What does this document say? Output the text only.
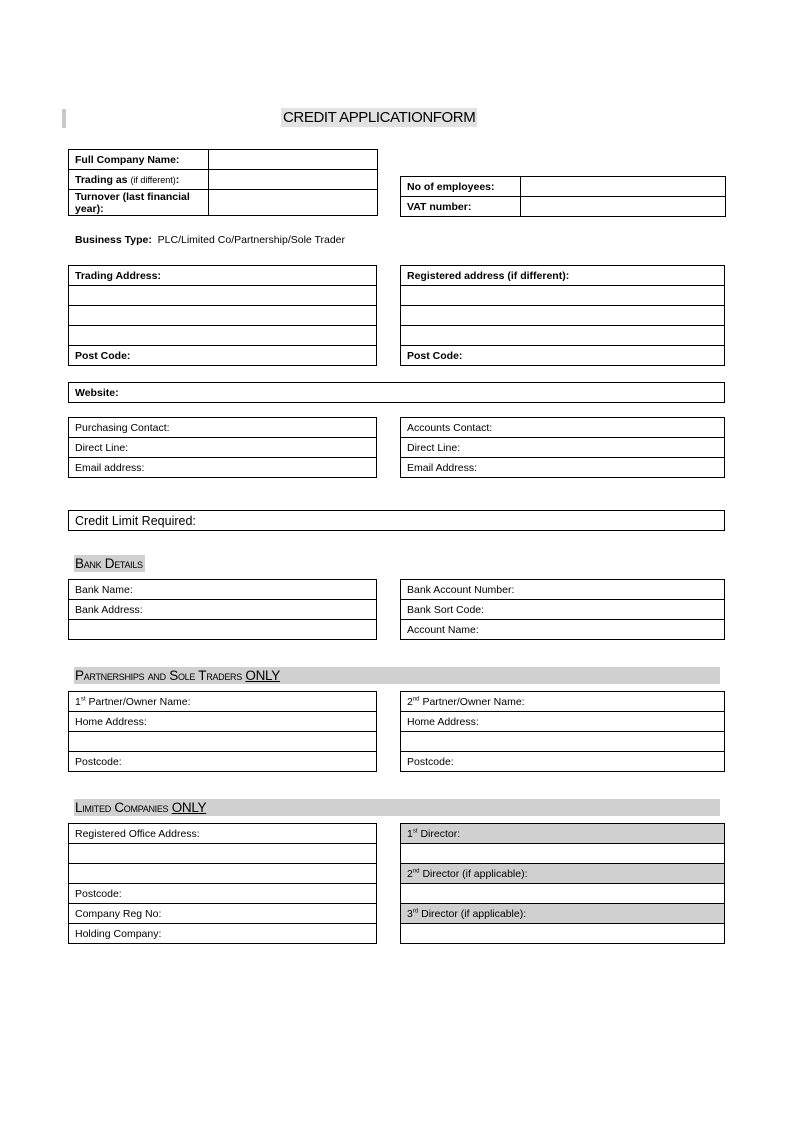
CREDIT APPLICATIONFORM
Full Company Name:	
Trading as (if different):	
Turnover (last financial year):	
No of employees:	
VAT number:	
Business Type: PLC/Limited Co/Partnership/Sole Trader
Trading Address:

Post Code:
Registered address (if different):

Post Code:
Website:
Purchasing Contact:
Direct Line:
Email address:
Accounts Contact:
Direct Line:
Email Address:
Credit Limit Required:
Bank Details
Bank Name:
Bank Address:

Bank Account Number:
Bank Sort Code:
Account Name:
Partnerships and Sole Traders ONLY
1st Partner/Owner Name:
Home Address:

Postcode:
2nd Partner/Owner Name:
Home Address:

Postcode:
Limited Companies ONLY
Registered Office Address:

Postcode:
Company Reg No:
Holding Company:
1st Director:

2nd Director (if applicable):

3rd Director (if applicable):
